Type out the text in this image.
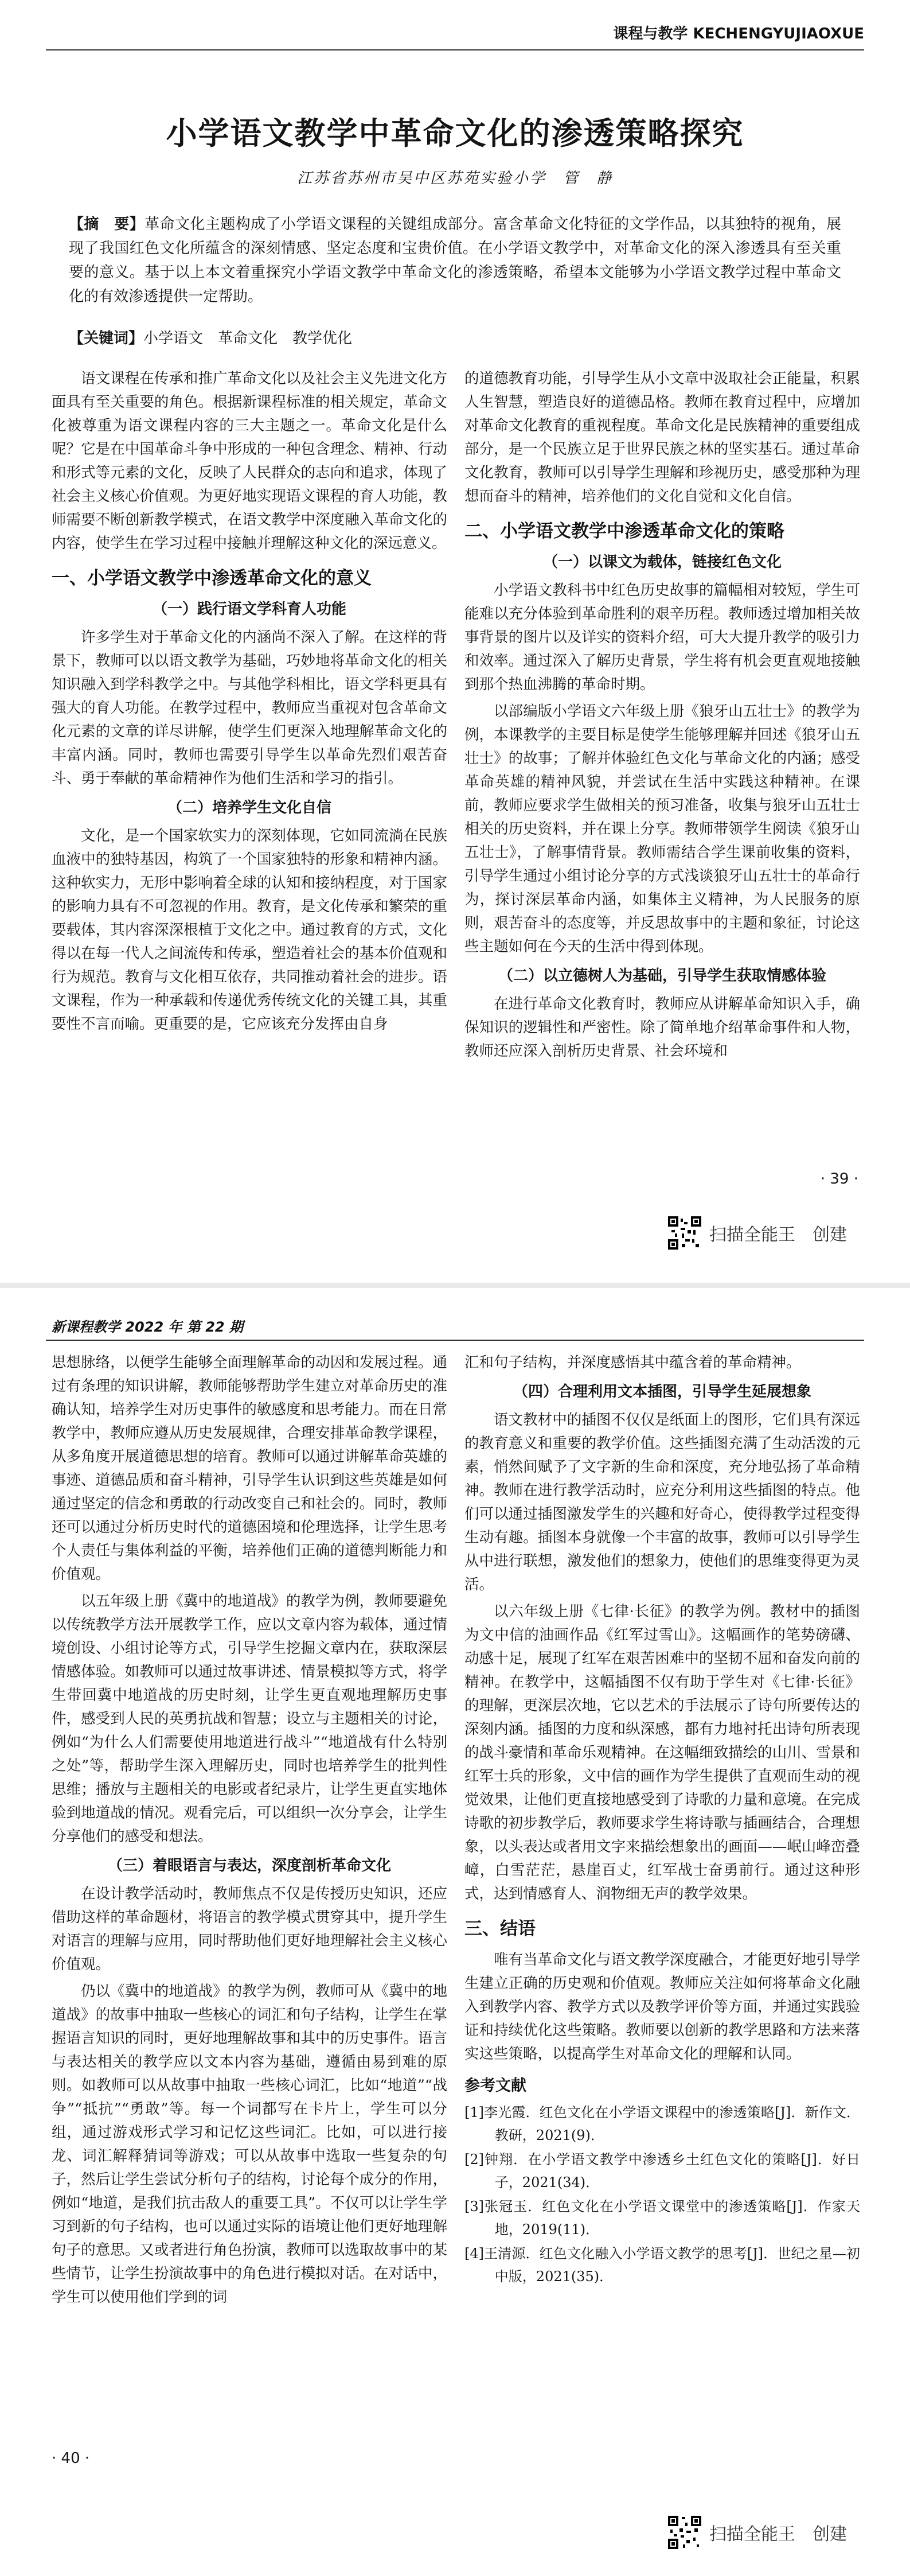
课程与教学 KECHENGYUJIAOXUE
小学语文教学中革命文化的渗透策略探究
江苏省苏州市吴中区苏苑实验小学　管　静
【摘　要】革命文化主题构成了小学语文课程的关键组成部分。富含革命文化特征的文学作品，以其独特的视角，展现了我国红色文化所蕴含的深刻情感、坚定态度和宝贵价值。在小学语文教学中，对革命文化的深入渗透具有至关重要的意义。基于以上本文着重探究小学语文教学中革命文化的渗透策略，希望本文能够为小学语文教学过程中革命文化的有效渗透提供一定帮助。
【关键词】小学语文　革命文化　教学优化

语文课程在传承和推广革命文化以及社会主义先进文化方面具有至关重要的角色。根据新课程标准的相关规定，革命文化被尊重为语文课程内容的三大主题之一。革命文化是什么呢？它是在中国革命斗争中形成的一种包含理念、精神、行动和形式等元素的文化，反映了人民群众的志向和追求，体现了社会主义核心价值观。为更好地实现语文课程的育人功能，教师需要不断创新教学模式，在语文教学中深度融入革命文化的内容，使学生在学习过程中接触并理解这种文化的深远意义。

一、小学语文教学中渗透革命文化的意义
（一）践行语文学科育人功能

许多学生对于革命文化的内涵尚不深入了解。在这样的背景下，教师可以以语文教学为基础，巧妙地将革命文化的相关知识融入到学科教学之中。与其他学科相比，语文学科更具有强大的育人功能。在教学过程中，教师应当重视对包含革命文化元素的文章的详尽讲解，使学生们更深入地理解革命文化的丰富内涵。同时，教师也需要引导学生以革命先烈们艰苦奋斗、勇于奉献的革命精神作为他们生活和学习的指引。

（二）培养学生文化自信

文化，是一个国家软实力的深刻体现，它如同流淌在民族血液中的独特基因，构筑了一个国家独特的形象和精神内涵。这种软实力，无形中影响着全球的认知和接纳程度，对于国家的影响力具有不可忽视的作用。教育，是文化传承和繁荣的重要载体，其内容深深根植于文化之中。通过教育的方式，文化得以在每一代人之间流传和传承，塑造着社会的基本价值观和行为规范。教育与文化相互依存，共同推动着社会的进步。语文课程，作为一种承载和传递优秀传统文化的关键工具，其重要性不言而喻。更重要的是，它应该充分发挥由自身

的道德教育功能，引导学生从小文章中汲取社会正能量，积累人生智慧，塑造良好的道德品格。教师在教育过程中，应增加对革命文化教育的重视程度。革命文化是民族精神的重要组成部分，是一个民族立足于世界民族之林的坚实基石。通过革命文化教育，教师可以引导学生理解和珍视历史，感受那种为理想而奋斗的精神，培养他们的文化自觉和文化自信。

二、小学语文教学中渗透革命文化的策略
（一）以课文为载体，链接红色文化

小学语文教科书中红色历史故事的篇幅相对较短，学生可能难以充分体验到革命胜利的艰辛历程。教师透过增加相关故事背景的图片以及详实的资料介绍，可大大提升教学的吸引力和效率。通过深入了解历史背景，学生将有机会更直观地接触到那个热血沸腾的革命时期。

以部编版小学语文六年级上册《狼牙山五壮士》的教学为例，本课教学的主要目标是使学生能够理解并回述《狼牙山五壮士》的故事；了解并体验红色文化与革命文化的内涵；感受革命英雄的精神风貌，并尝试在生活中实践这种精神。在课前，教师应要求学生做相关的预习准备，收集与狼牙山五壮士相关的历史资料，并在课上分享。教师带领学生阅读《狼牙山五壮士》，了解事情背景。教师需结合学生课前收集的资料，引导学生通过小组讨论分享的方式浅谈狼牙山五壮士的革命行为，探讨深层革命内涵，如集体主义精神，为人民服务的原则，艰苦奋斗的态度等，并反思故事中的主题和象征，讨论这些主题如何在今天的生活中得到体现。

（二）以立德树人为基础，引导学生获取情感体验

在进行革命文化教育时，教师应从讲解革命知识入手，确保知识的逻辑性和严密性。除了简单地介绍革命事件和人物，教师还应深入剖析历史背景、社会环境和

· 39 ·
扫描全能王　创建
新课程教学 2022 年 第 22 期

思想脉络，以便学生能够全面理解革命的动因和发展过程。通过有条理的知识讲解，教师能够帮助学生建立对革命历史的准确认知，培养学生对历史事件的敏感度和思考能力。而在日常教学中，教师应遵从历史发展规律，合理安排革命教学课程，从多角度开展道德思想的培育。教师可以通过讲解革命英雄的事迹、道德品质和奋斗精神，引导学生认识到这些英雄是如何通过坚定的信念和勇敢的行动改变自己和社会的。同时，教师还可以通过分析历史时代的道德困境和伦理选择，让学生思考个人责任与集体利益的平衡，培养他们正确的道德判断能力和价值观。

以五年级上册《冀中的地道战》的教学为例，教师要避免以传统教学方法开展教学工作，应以文章内容为载体，通过情境创设、小组讨论等方式，引导学生挖掘文章内在，获取深层情感体验。如教师可以通过故事讲述、情景模拟等方式，将学生带回冀中地道战的历史时刻，让学生更直观地理解历史事件，感受到人民的英勇抗战和智慧；设立与主题相关的讨论，例如“为什么人们需要使用地道进行战斗”“地道战有什么特别之处”等，帮助学生深入理解历史，同时也培养学生的批判性思维；播放与主题相关的电影或者纪录片，让学生更直实地体验到地道战的情况。观看完后，可以组织一次分享会，让学生分享他们的感受和想法。

（三）着眼语言与表达，深度剖析革命文化

在设计教学活动时，教师焦点不仅是传授历史知识，还应借助这样的革命题材，将语言的教学模式贯穿其中，提升学生对语言的理解与应用，同时帮助他们更好地理解社会主义核心价值观。

仍以《冀中的地道战》的教学为例，教师可从《冀中的地道战》的故事中抽取一些核心的词汇和句子结构，让学生在掌握语言知识的同时，更好地理解故事和其中的历史事件。语言与表达相关的教学应以文本内容为基础，遵循由易到难的原则。如教师可以从故事中抽取一些核心词汇，比如“地道”“战争”“抵抗”“勇敢”等。每一个词都写在卡片上，学生可以分组，通过游戏形式学习和记忆这些词汇。比如，可以进行接龙、词汇解释猜词等游戏；可以从故事中选取一些复杂的句子，然后让学生尝试分析句子的结构，讨论每个成分的作用，例如“地道，是我们抗击敌人的重要工具”。不仅可以让学生学习到新的句子结构，也可以通过实际的语境让他们更好地理解句子的意思。又或者进行角色扮演，教师可以选取故事中的某些情节，让学生扮演故事中的角色进行模拟对话。在对话中，学生可以使用他们学到的词

汇和句子结构，并深度感悟其中蕴含着的革命精神。

（四）合理利用文本插图，引导学生延展想象

语文教材中的插图不仅仅是纸面上的图形，它们具有深远的教育意义和重要的教学价值。这些插图充满了生动活泼的元素，悄然间赋予了文字新的生命和深度，充分地弘扬了革命精神。教师在进行教学活动时，应充分利用这些插图的特点。他们可以通过插图激发学生的兴趣和好奇心，使得教学过程变得生动有趣。插图本身就像一个丰富的故事，教师可以引导学生从中进行联想，激发他们的想象力，使他们的思维变得更为灵活。

以六年级上册《七律·长征》的教学为例。教材中的插图为文中信的油画作品《红军过雪山》。这幅画作的笔势磅礴、动感十足，展现了红军在艰苦困难中的坚韧不屈和奋发向前的精神。在教学中，这幅插图不仅有助于学生对《七律·长征》的理解，更深层次地，它以艺术的手法展示了诗句所要传达的深刻内涵。插图的力度和纵深感，都有力地衬托出诗句所表现的战斗豪情和革命乐观精神。在这幅细致描绘的山川、雪景和红军士兵的形象，文中信的画作为学生提供了直观而生动的视觉效果，让他们更直接地感受到了诗歌的力量和意境。在完成诗歌的初步教学后，教师要求学生将诗歌与插画结合，合理想象，以头表达或者用文字来描绘想象出的画面——岷山峰峦叠嶂，白雪茫茫，悬崖百丈，红军战士奋勇前行。通过这种形式，达到情感育人、润物细无声的教学效果。

三、结语

唯有当革命文化与语文教学深度融合，才能更好地引导学生建立正确的历史观和价值观。教师应关注如何将革命文化融入到教学内容、教学方式以及教学评价等方面，并通过实践验证和持续优化这些策略。教师要以创新的教学思路和方法来落实这些策略，以提高学生对革命文化的理解和认同。

参考文献
[1]李光霞．红色文化在小学语文课程中的渗透策略[J]．新作文．教研，2021(9)．
[2]钟翔．在小学语文教学中渗透乡土红色文化的策略[J]．好日子，2021(34)．
[3]张冠玉．红色文化在小学语文课堂中的渗透策略[J]．作家天地，2019(11)．
[4]王清源．红色文化融入小学语文教学的思考[J]．世纪之星—初中版，2021(35)．
· 40 ·
扫描全能王　创建
